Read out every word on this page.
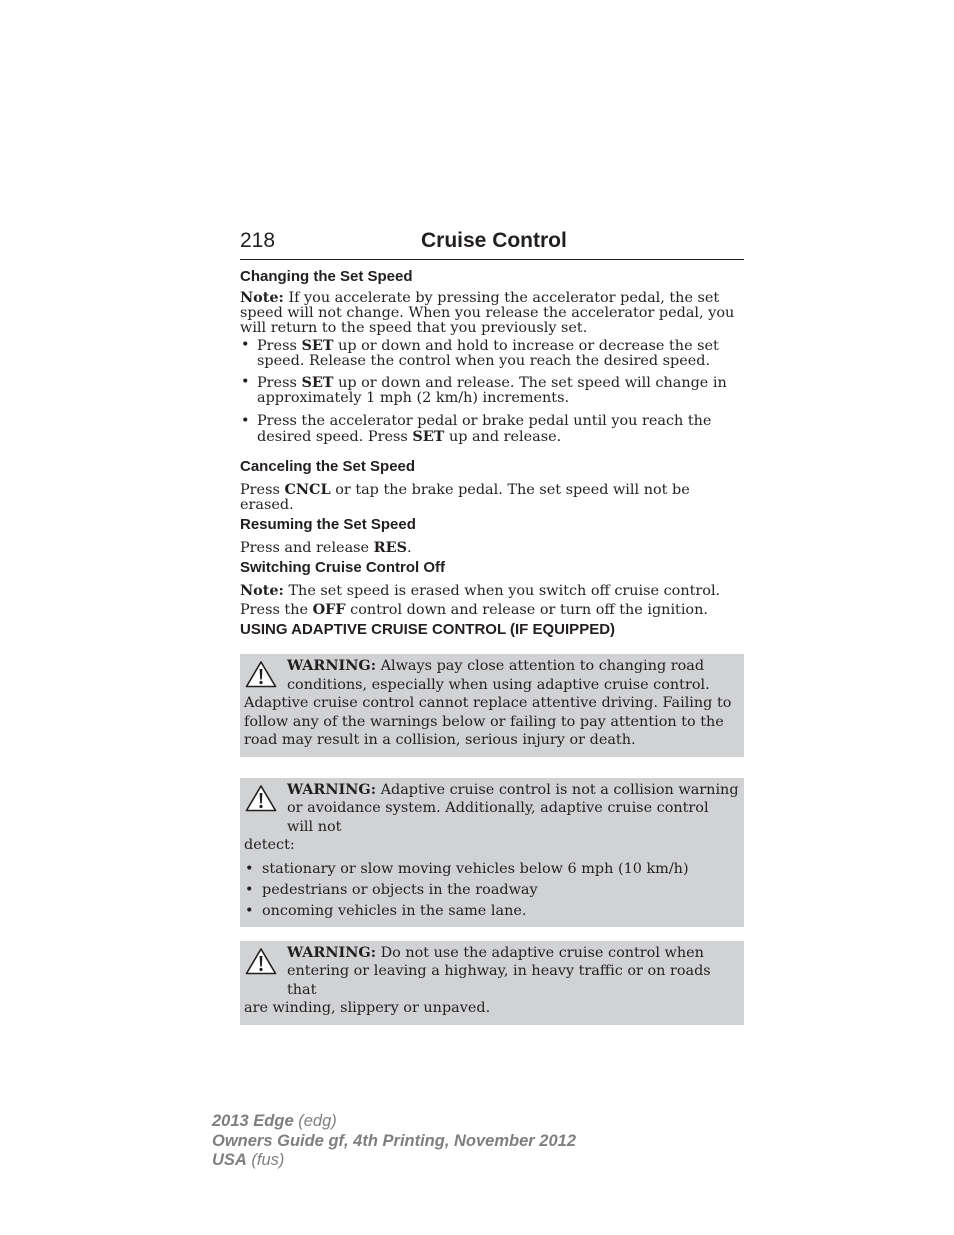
218	Cruise Control
Changing the Set Speed

Note: If you accelerate by pressing the accelerator pedal, the set speed will not change. When you release the accelerator pedal, you will return to the speed that you previously set.

• Press SET up or down and hold to increase or decrease the set speed. Release the control when you reach the desired speed.
• Press SET up or down and release. The set speed will change in approximately 1 mph (2 km/h) increments.
• Press the accelerator pedal or brake pedal until you reach the desired speed. Press SET up and release.
Canceling the Set Speed

Press CNCL or tap the brake pedal. The set speed will not be erased.

Resuming the Set Speed

Press and release RES.

Switching Cruise Control Off

Note: The set speed is erased when you switch off cruise control.

Press the OFF control down and release or turn off the ignition.

USING ADAPTIVE CRUISE CONTROL (IF EQUIPPED)
WARNING: Always pay close attention to changing road conditions, especially when using adaptive cruise control.
Adaptive cruise control cannot replace attentive driving. Failing to follow any of the warnings below or failing to pay attention to the road may result in a collision, serious injury or death.
WARNING: Adaptive cruise control is not a collision warning or avoidance system. Additionally, adaptive cruise control will not
detect:
• stationary or slow moving vehicles below 6 mph (10 km/h)
• pedestrians or objects in the roadway
• oncoming vehicles in the same lane.
WARNING: Do not use the adaptive cruise control when entering or leaving a highway, in heavy traffic or on roads that
are winding, slippery or unpaved.
2013 Edge (edg)
Owners Guide gf, 4th Printing, November 2012
USA (fus)
